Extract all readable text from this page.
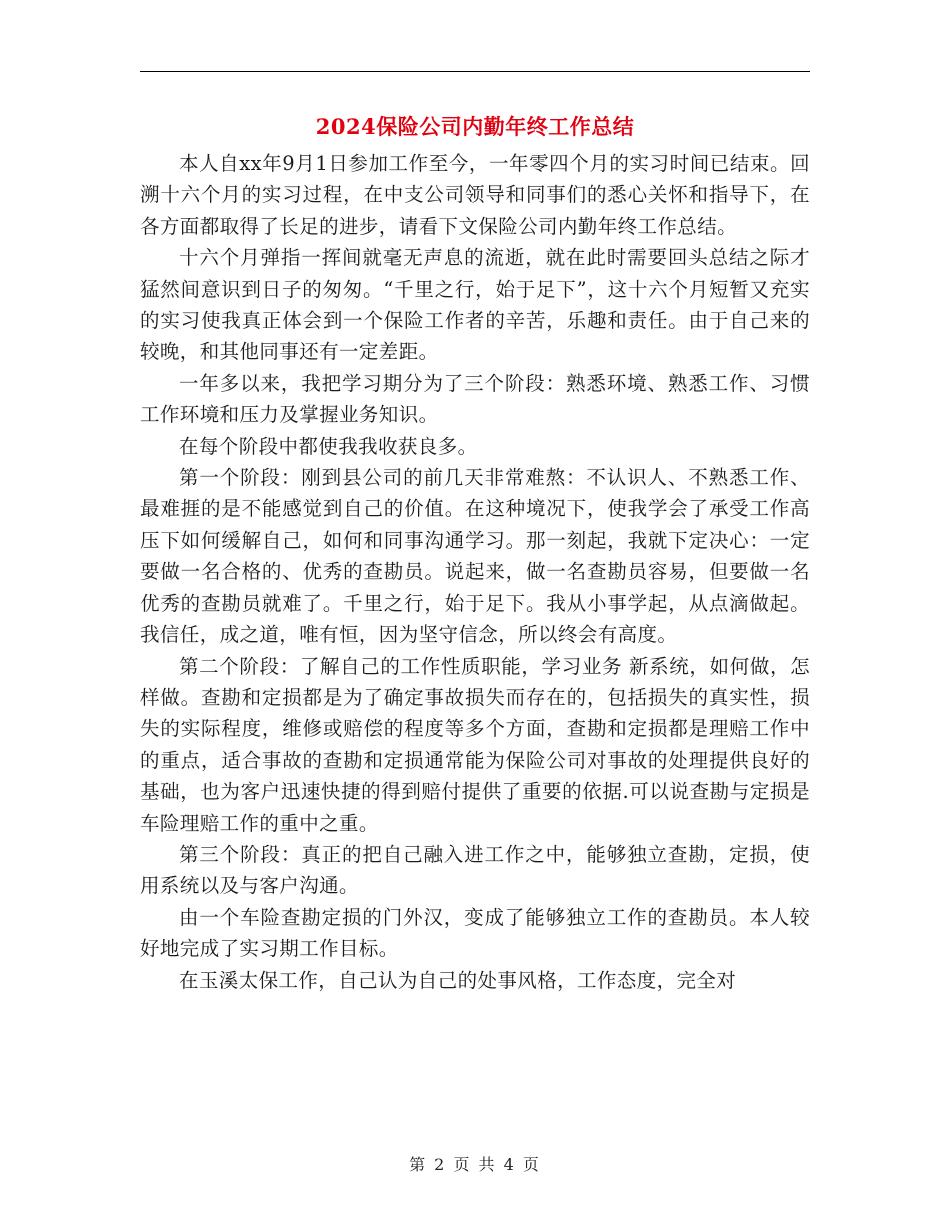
2024保险公司内勤年终工作总结

本人自xx年9月1日参加工作至今，一年零四个月的实习时间已结束。回溯十六个月的实习过程，在中支公司领导和同事们的悉心关怀和指导下，在各方面都取得了长足的进步，请看下文保险公司内勤年终工作总结。

十六个月弹指一挥间就毫无声息的流逝，就在此时需要回头总结之际才猛然间意识到日子的匆匆。“千里之行，始于足下”，这十六个月短暂又充实的实习使我真正体会到一个保险工作者的辛苦，乐趣和责任。由于自己来的较晚，和其他同事还有一定差距。

一年多以来，我把学习期分为了三个阶段：熟悉环境、熟悉工作、习惯工作环境和压力及掌握业务知识。

在每个阶段中都使我我收获良多。

第一个阶段：刚到县公司的前几天非常难熬：不认识人、不熟悉工作、最难捱的是不能感觉到自己的价值。在这种境况下，使我学会了承受工作高压下如何缓解自己，如何和同事沟通学习。那一刻起，我就下定决心：一定要做一名合格的、优秀的查勘员。说起来，做一名查勘员容易，但要做一名优秀的查勘员就难了。千里之行，始于足下。我从小事学起，从点滴做起。我信任，成之道，唯有恒，因为坚守信念，所以终会有高度。

第二个阶段：了解自己的工作性质职能，学习业务 新系统，如何做，怎样做。查勘和定损都是为了确定事故损失而存在的，包括损失的真实性，损失的实际程度，维修或赔偿的程度等多个方面，查勘和定损都是理赔工作中的重点，适合事故的查勘和定损通常能为保险公司对事故的处理提供良好的基础，也为客户迅速快捷的得到赔付提供了重要的依据.可以说查勘与定损是车险理赔工作的重中之重。

第三个阶段：真正的把自己融入进工作之中，能够独立查勘，定损，使用系统以及与客户沟通。

由一个车险查勘定损的门外汉，变成了能够独立工作的查勘员。本人较好地完成了实习期工作目标。

在玉溪太保工作，自己认为自己的处事风格，工作态度，完全对

第 2 页 共 4 页
